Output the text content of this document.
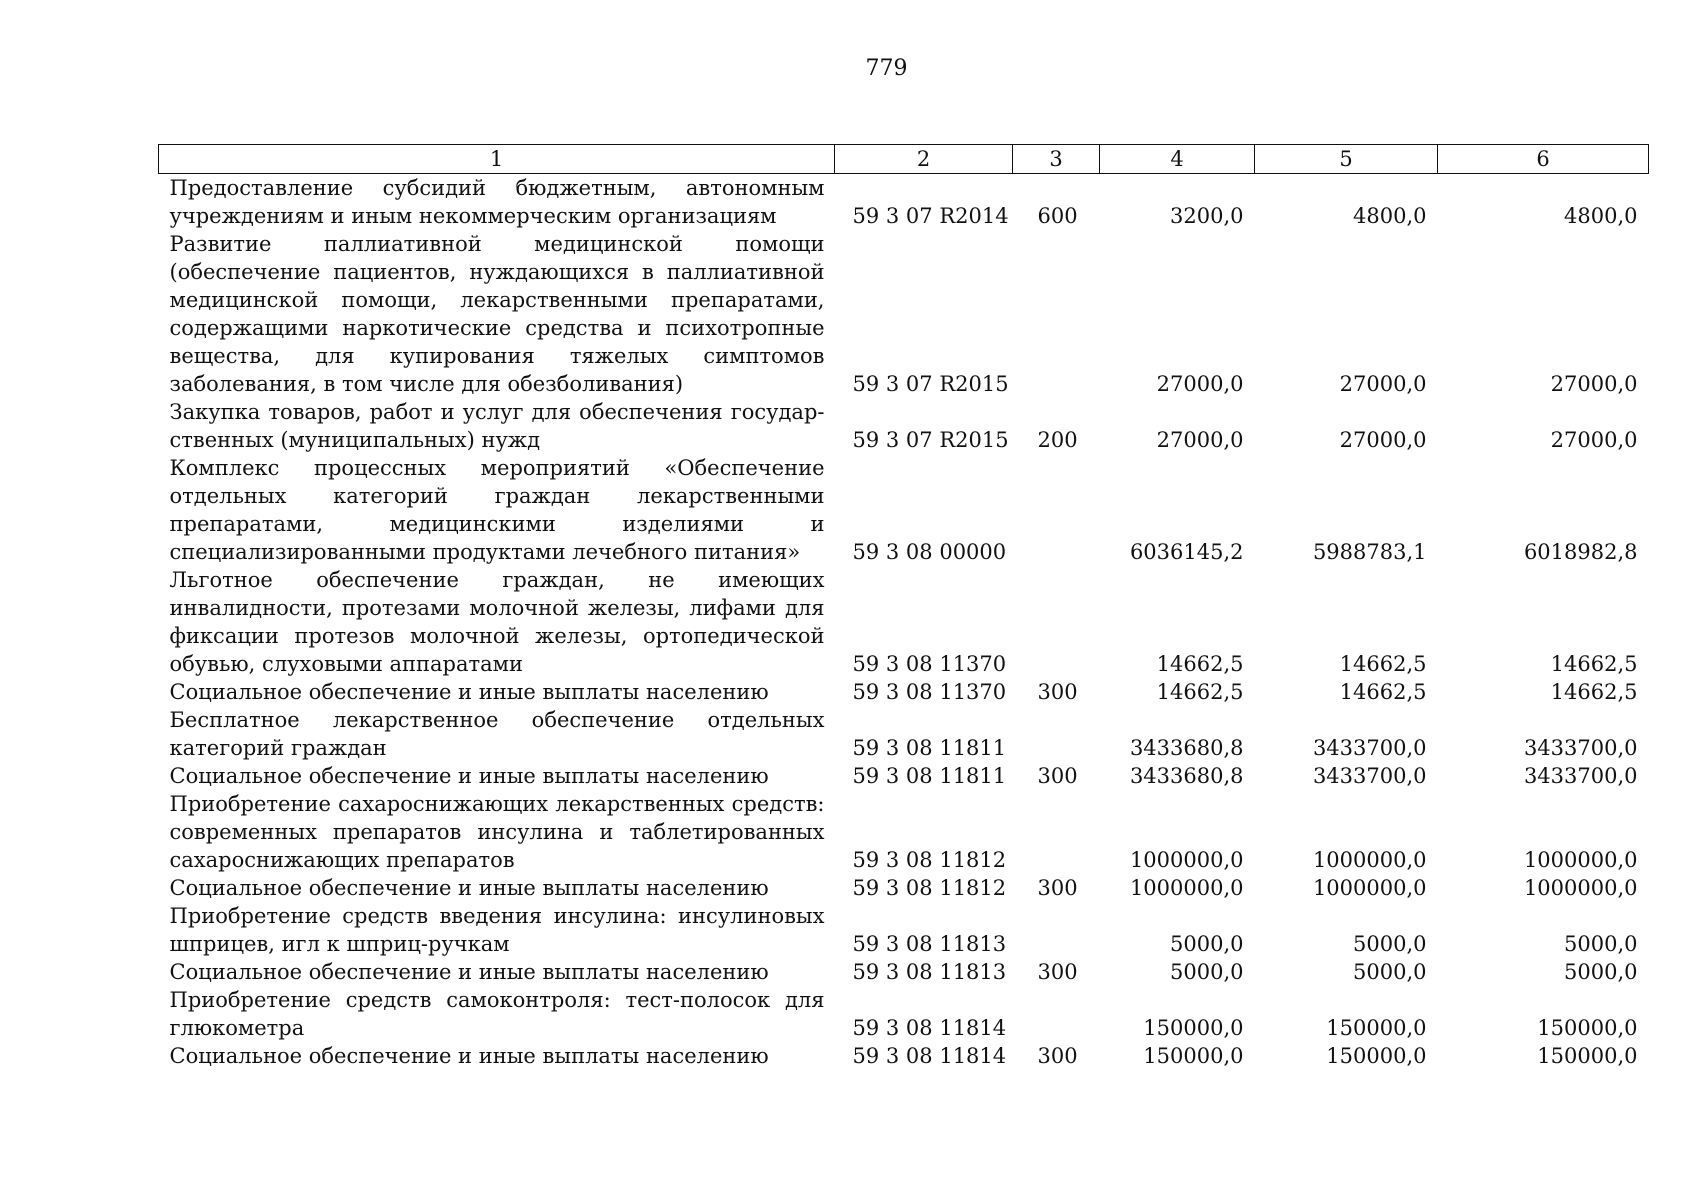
779
1	2	3	4	5	6
Предоставление субсидий бюджетным, автономным учреждениям и иным некоммерческим организациям	59 3 07 R2014	600	3200,0	4800,0	4800,0
Развитие паллиативной медицинской помощи (обеспечение пациентов, нуждающихся в паллиативной медицинской помощи, лекарственными препаратами, содержащими наркотические средства и психотропные вещества, для купирования тяжелых симптомов заболевания, в том числе для обезболивания)	59 3 07 R2015		27000,0	27000,0	27000,0
Закупка товаров, работ и услуг для обеспечения государственных (муниципальных) нужд	59 3 07 R2015	200	27000,0	27000,0	27000,0
Комплекс процессных мероприятий «Обеспечение отдельных категорий граждан лекарственными препаратами, медицинскими изделиями и специализированными продуктами лечебного питания»	59 3 08 00000		6036145,2	5988783,1	6018982,8
Льготное обеспечение граждан, не имеющих инвалидности, протезами молочной железы, лифами для фиксации протезов молочной железы, ортопедической обувью, слуховыми аппаратами	59 3 08 11370		14662,5	14662,5	14662,5
Социальное обеспечение и иные выплаты населению	59 3 08 11370	300	14662,5	14662,5	14662,5
Бесплатное лекарственное обеспечение отдельных категорий граждан	59 3 08 11811		3433680,8	3433700,0	3433700,0
Социальное обеспечение и иные выплаты населению	59 3 08 11811	300	3433680,8	3433700,0	3433700,0
Приобретение сахароснижающих лекарственных средств: современных препаратов инсулина и таблетированных сахароснижающих препаратов	59 3 08 11812		1000000,0	1000000,0	1000000,0
Социальное обеспечение и иные выплаты населению	59 3 08 11812	300	1000000,0	1000000,0	1000000,0
Приобретение средств введения инсулина: инсулиновых шприцев, игл к шприц-ручкам	59 3 08 11813		5000,0	5000,0	5000,0
Социальное обеспечение и иные выплаты населению	59 3 08 11813	300	5000,0	5000,0	5000,0
Приобретение средств самоконтроля: тест-полосок для глюкометра	59 3 08 11814		150000,0	150000,0	150000,0
Социальное обеспечение и иные выплаты населению	59 3 08 11814	300	150000,0	150000,0	150000,0
